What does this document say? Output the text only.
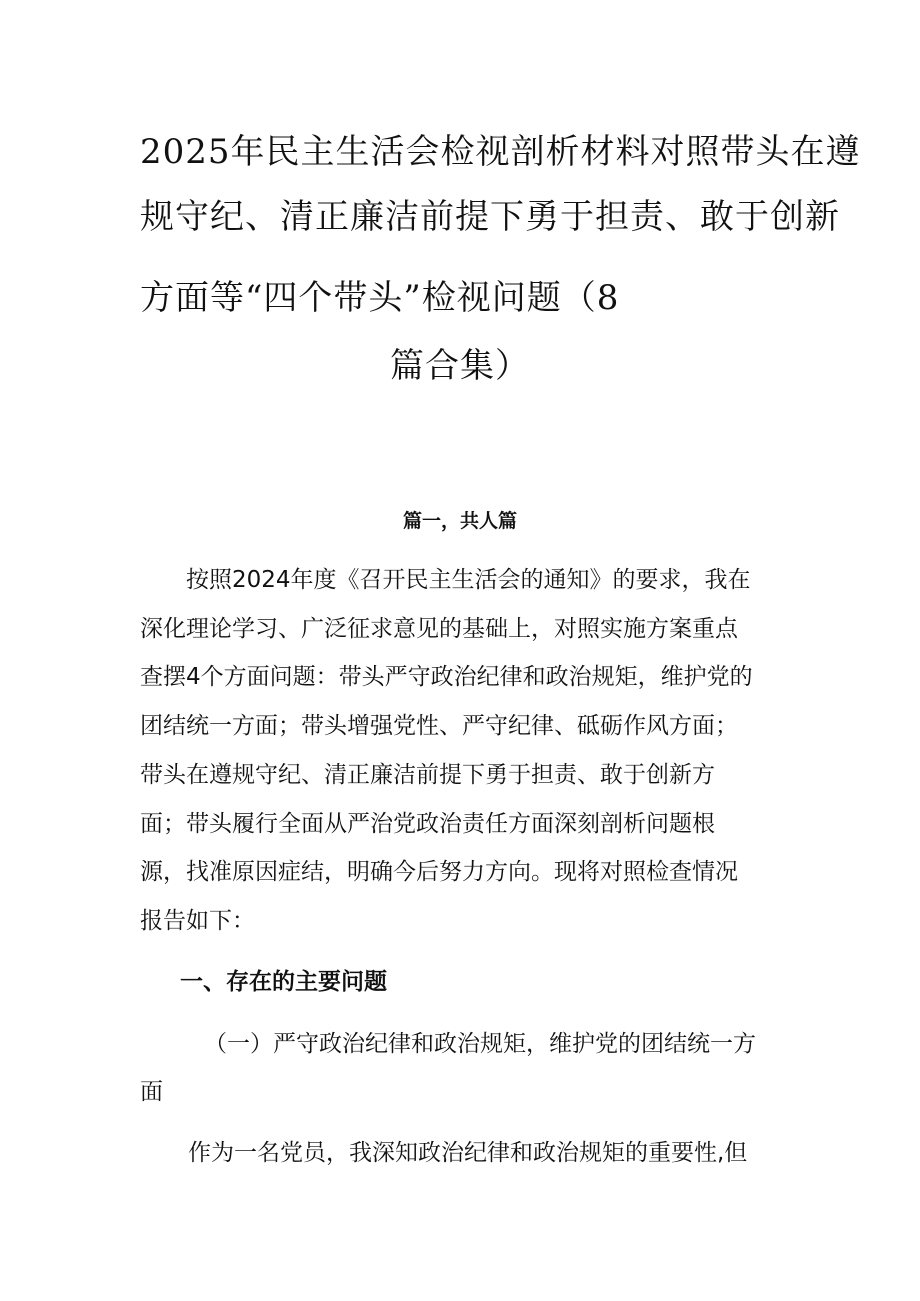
2025年民主生活会检视剖析材料对照带头在遵
规守纪、清正廉洁前提下勇于担责、敢于创新
方面等“四个带头”检视问题（8
篇合集）
篇一，共人篇
按照2024年度《召开民主生活会的通知》的要求，我在
深化理论学习、广泛征求意见的基础上，对照实施方案重点
查摆4个方面问题：带头严守政治纪律和政治规矩，维护党的
团结统一方面；带头增强党性、严守纪律、砥砺作风方面；
带头在遵规守纪、清正廉洁前提下勇于担责、敢于创新方
面；带头履行全面从严治党政治责任方面深刻剖析问题根
源，找准原因症结，明确今后努力方向。现将对照检查情况
报告如下：
一、存在的主要问题
（一）严守政治纪律和政治规矩，维护党的团结统一方
面
作为一名党员，我深知政治纪律和政治规矩的重要性,但
